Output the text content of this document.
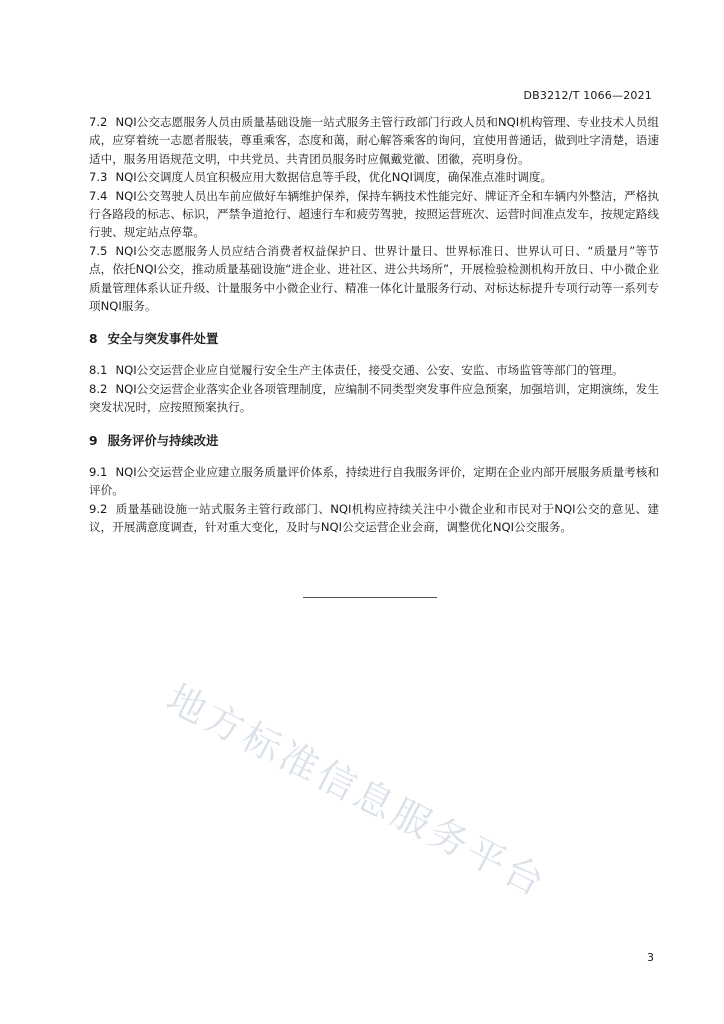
DB3212/T 1066—2021

7.2 NQI公交志愿服务人员由质量基础设施一站式服务主管行政部门行政人员和NQI机构管理、专业技术人员组成，应穿着统一志愿者服装，尊重乘客，态度和蔼，耐心解答乘客的询问，宜使用普通话，做到吐字清楚，语速适中，服务用语规范文明，中共党员、共青团员服务时应佩戴党徽、团徽，亮明身份。

7.3 NQI公交调度人员宜积极应用大数据信息等手段，优化NQI调度，确保准点准时调度。

7.4 NQI公交驾驶人员出车前应做好车辆维护保养，保持车辆技术性能完好、牌证齐全和车辆内外整洁，严格执行各路段的标志、标识，严禁争道抢行、超速行车和疲劳驾驶，按照运营班次、运营时间准点发车，按规定路线行驶、规定站点停靠。

7.5 NQI公交志愿服务人员应结合消费者权益保护日、世界计量日、世界标准日、世界认可日、“质量月”等节点，依托NQI公交，推动质量基础设施“进企业、进社区、进公共场所”，开展检验检测机构开放日、中小微企业质量管理体系认证升级、计量服务中小微企业行、精准一体化计量服务行动、对标达标提升专项行动等一系列专项NQI服务。

8 安全与突发事件处置

8.1 NQI公交运营企业应自觉履行安全生产主体责任，接受交通、公安、安监、市场监管等部门的管理。

8.2 NQI公交运营企业落实企业各项管理制度，应编制不同类型突发事件应急预案，加强培训，定期演练，发生突发状况时，应按照预案执行。

9 服务评价与持续改进

9.1 NQI公交运营企业应建立服务质量评价体系，持续进行自我服务评价，定期在企业内部开展服务质量考核和评价。

9.2 质量基础设施一站式服务主管行政部门、NQI机构应持续关注中小微企业和市民对于NQI公交的意见、建议，开展满意度调查，针对重大变化，及时与NQI公交运营企业会商，调整优化NQI公交服务。

地方标准信息服务平台
3
